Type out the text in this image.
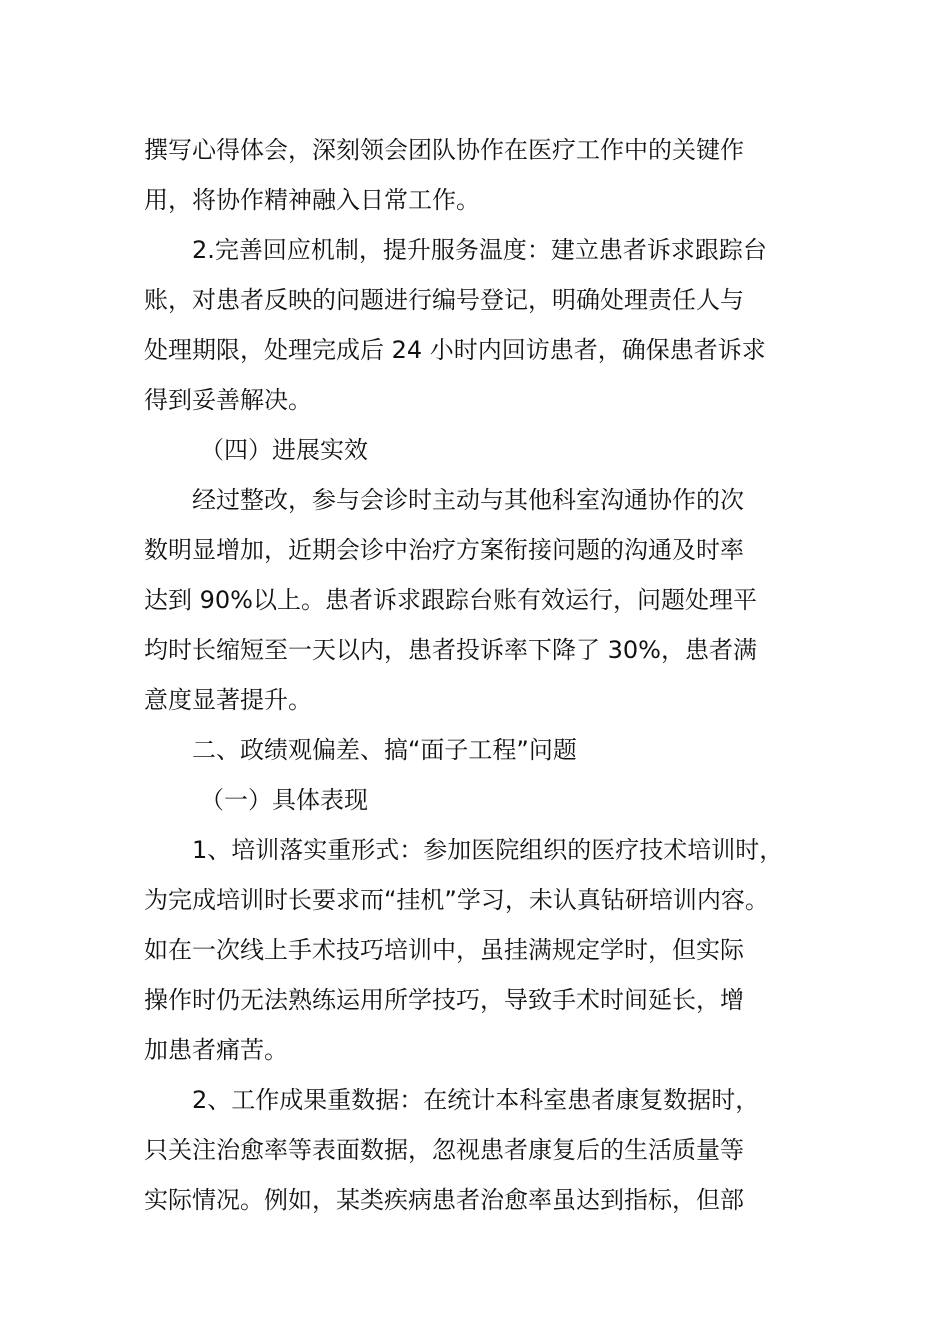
撰写心得体会，深刻领会团队协作在医疗工作中的关键作
用，将协作精神融入日常工作。

2.完善回应机制，提升服务温度：建立患者诉求跟踪台
账，对患者反映的问题进行编号登记，明确处理责任人与
处理期限，处理完成后 24 小时内回访患者，确保患者诉求
得到妥善解决。

（四）进展实效

经过整改，参与会诊时主动与其他科室沟通协作的次
数明显增加，近期会诊中治疗方案衔接问题的沟通及时率
达到 90%以上。患者诉求跟踪台账有效运行，问题处理平
均时长缩短至一天以内，患者投诉率下降了 30%，患者满
意度显著提升。

二、政绩观偏差、搞“面子工程”问题

（一）具体表现

1、培训落实重形式：参加医院组织的医疗技术培训时，
为完成培训时长要求而“挂机”学习，未认真钻研培训内容。
如在一次线上手术技巧培训中，虽挂满规定学时，但实际
操作时仍无法熟练运用所学技巧，导致手术时间延长，增
加患者痛苦。

2、工作成果重数据：在统计本科室患者康复数据时，
只关注治愈率等表面数据，忽视患者康复后的生活质量等
实际情况。例如，某类疾病患者治愈率虽达到指标，但部
